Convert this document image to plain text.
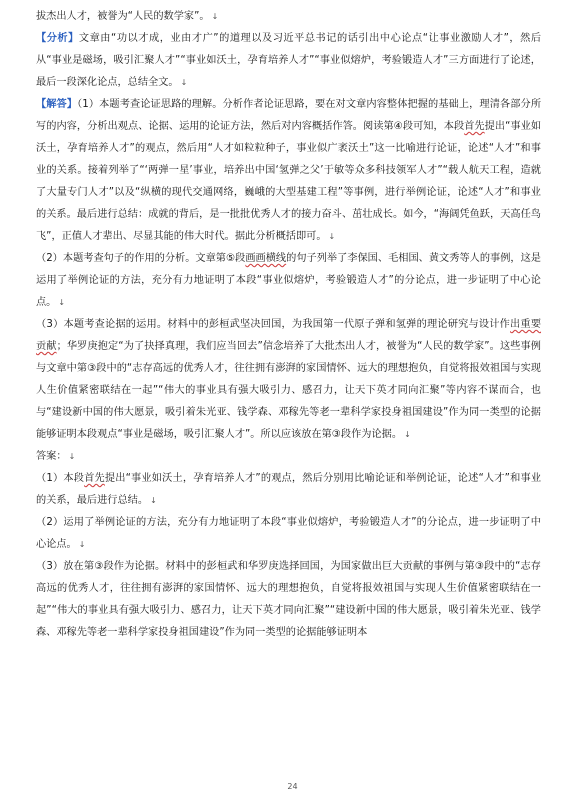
拔杰出人才，被誉为“人民的数学家”。 ↓

【分析】文章由“功以才成，业由才广”的道理以及习近平总书记的话引出中心论点“让事业激励人才”，然后从“事业是磁场，吸引汇聚人才”“事业如沃土，孕育培养人才”“事业似熔炉，考验锻造人才”三方面进行了论述，最后一段深化论点，总结全文。 ↓

【解答】（1）本题考查论证思路的理解。分析作者论证思路，要在对文章内容整体把握的基础上，理清各部分所写的内容，分析出观点、论据、运用的论证方法，然后对内容概括作答。阅读第④段可知，本段首先提出“事业如沃土，孕育培养人才”的观点，然后用“人才如粒粒种子，事业似广袤沃土”这一比喻进行论证，论述“人才”和事业的关系。接着列举了“‘两弹一星’事业，培养出中国‘氢弹之父’于敏等众多科技领军人才”“载人航天工程，造就了大量专门人才”以及“纵横的现代交通网络，巍峨的大型基建工程”等事例，进行举例论证，论述“人才”和事业的关系。最后进行总结：成就的背后，是一批批优秀人才的接力奋斗、茁壮成长。如今，“海阔凭鱼跃，天高任鸟飞”，正值人才辈出、尽显其能的伟大时代。据此分析概括即可。 ↓

（2）本题考查句子的作用的分析。文章第⑤段画画横线的句子列举了李保国、毛相国、黄文秀等人的事例，这是运用了举例论证的方法，充分有力地证明了本段“事业似熔炉，考验锻造人才”的分论点，进一步证明了中心论点。 ↓

（3）本题考查论据的运用。材料中的彭桓武坚决回国，为我国第一代原子弹和氢弹的理论研究与设计作出重要贡献；华罗庚抱定“为了抉择真理，我们应当回去”信念培养了大批杰出人才，被誉为“人民的数学家”。这些事例与文章中第③段中的“志存高远的优秀人才，往往拥有澎湃的家国情怀、远大的理想抱负，自觉将报效祖国与实现人生价值紧密联结在一起”“伟大的事业具有强大吸引力、感召力，让天下英才同向汇聚”等内容不谋而合，也与“建设新中国的伟大愿景，吸引着朱光亚、钱学森、邓稼先等老一辈科学家投身祖国建设”作为同一类型的论据能够证明本段观点“事业是磁场，吸引汇聚人才”。所以应该放在第③段作为论据。 ↓

答案： ↓

（1）本段首先提出“事业如沃土，孕育培养人才”的观点，然后分别用比喻论证和举例论证，论述“人才”和事业的关系，最后进行总结。 ↓

（2）运用了举例论证的方法，充分有力地证明了本段“事业似熔炉，考验锻造人才”的分论点，进一步证明了中心论点。 ↓

（3）放在第③段作为论据。材料中的彭桓武和华罗庚选择回国，为国家做出巨大贡献的事例与第③段中的“志存高远的优秀人才，往往拥有澎湃的家国情怀、远大的理想抱负，自觉将报效祖国与实现人生价值紧密联结在一起”“伟大的事业具有强大吸引力、感召力，让天下英才同向汇聚”“建设新中国的伟大愿景，吸引着朱光亚、钱学森、邓稼先等老一辈科学家投身祖国建设”作为同一类型的论据能够证明本

24
